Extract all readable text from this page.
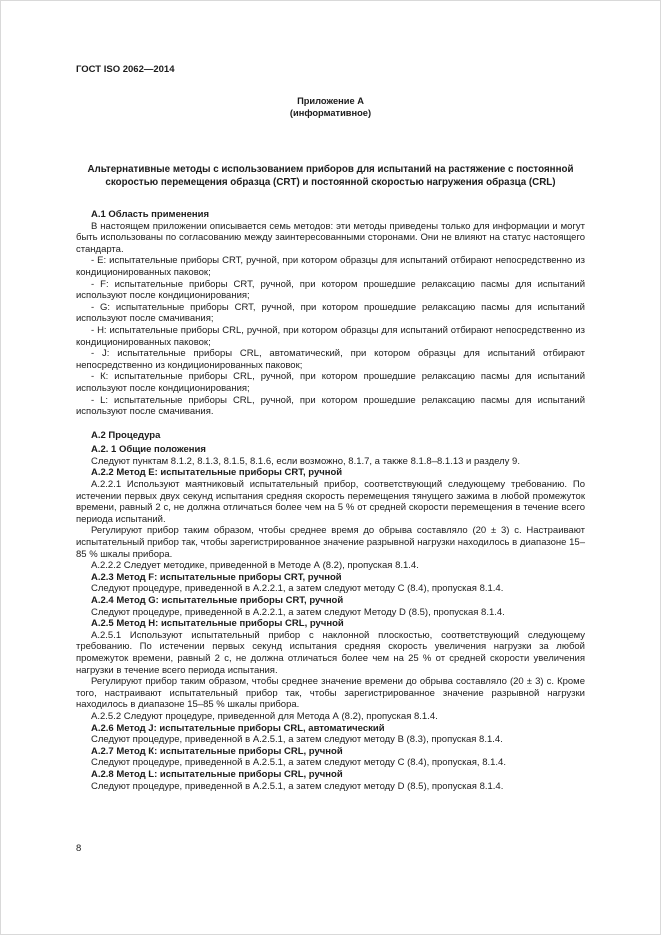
ГОСТ ISO 2062—2014
Приложение А
(информативное)
Альтернативные методы с использованием приборов для испытаний на растяжение с постоянной скоростью перемещения образца (CRT) и постоянной скоростью нагружения образца (CRL)
А.1 Область применения

В настоящем приложении описывается семь методов: эти методы приведены только для информации и могут быть использованы по согласованию между заинтересованными сторонами. Они не влияют на статус настоящего стандарта.

- Е: испытательные приборы CRT, ручной, при котором образцы для испытаний отбирают непосредственно из кондиционированных паковок;

- F: испытательные приборы CRT, ручной, при котором прошедшие релаксацию пасмы для испытаний используют после кондиционирования;

- G: испытательные приборы CRT, ручной, при котором прошедшие релаксацию пасмы для испытаний используют после смачивания;

- Н: испытательные приборы CRL, ручной, при котором образцы для испытаний отбирают непосредственно из кондиционированных паковок;

- J: испытательные приборы CRL, автоматический, при котором образцы для испытаний отбирают непосредственно из кондиционированных паковок;

- К: испытательные приборы CRL, ручной, при котором прошедшие релаксацию пасмы для испытаний используют после кондиционирования;

- L: испытательные приборы CRL, ручной, при котором прошедшие релаксацию пасмы для испытаний используют после смачивания.

А.2 Процедура
А.2. 1 Общие положения

Следуют пунктам 8.1.2, 8.1.3, 8.1.5, 8.1.6, если возможно, 8.1.7, а также 8.1.8–8.1.13 и разделу 9.

А.2.2 Метод Е: испытательные приборы CRT, ручной

А.2.2.1 Используют маятниковый испытательный прибор, соответствующий следующему требованию. По истечении первых двух секунд испытания средняя скорость перемещения тянущего зажима в любой промежуток времени, равный 2 с, не должна отличаться более чем на 5 % от средней скорости перемещения в течение всего периода испытаний.

Регулируют прибор таким образом, чтобы среднее время до обрыва составляло (20 ± 3) с. Настраивают испытательный прибор так, чтобы зарегистрированное значение разрывной нагрузки находилось в диапазоне 15–85 % шкалы прибора.

А.2.2.2 Следует методике, приведенной в Методе А (8.2), пропуская 8.1.4.

А.2.3 Метод F: испытательные приборы CRT, ручной

Следуют процедуре, приведенной в А.2.2.1, а затем следуют методу С (8.4), пропуская 8.1.4.

А.2.4 Метод G: испытательные приборы CRT, ручной

Следуют процедуре, приведенной в А.2.2.1, а затем следуют Методу D (8.5), пропуская 8.1.4.

А.2.5 Метод Н: испытательные приборы CRL, ручной

А.2.5.1 Используют испытательный прибор с наклонной плоскостью, соответствующий следующему требованию. По истечении первых секунд испытания средняя скорость увеличения нагрузки за любой промежуток времени, равный 2 с, не должна отличаться более чем на 25 % от средней скорости увеличения нагрузки в течение всего периода испытания.

Регулируют прибор таким образом, чтобы среднее значение времени до обрыва составляло (20 ± 3) с. Кроме того, настраивают испытательный прибор так, чтобы зарегистрированное значение разрывной нагрузки находилось в диапазоне 15–85 % шкалы прибора.

А.2.5.2 Следуют процедуре, приведенной для Метода А (8.2), пропуская 8.1.4.

А.2.6 Метод J: испытательные приборы CRL, автоматический

Следуют процедуре, приведенной в А.2.5.1, а затем следуют методу В (8.3), пропуская 8.1.4.

А.2.7 Метод К: испытательные приборы CRL, ручной

Следуют процедуре, приведенной в А.2.5.1, а затем следуют методу С (8.4), пропуская, 8.1.4.

А.2.8 Метод L: испытательные приборы CRL, ручной

Следуют процедуре, приведенной в А.2.5.1, а затем следуют методу D (8.5), пропуская 8.1.4.

8
